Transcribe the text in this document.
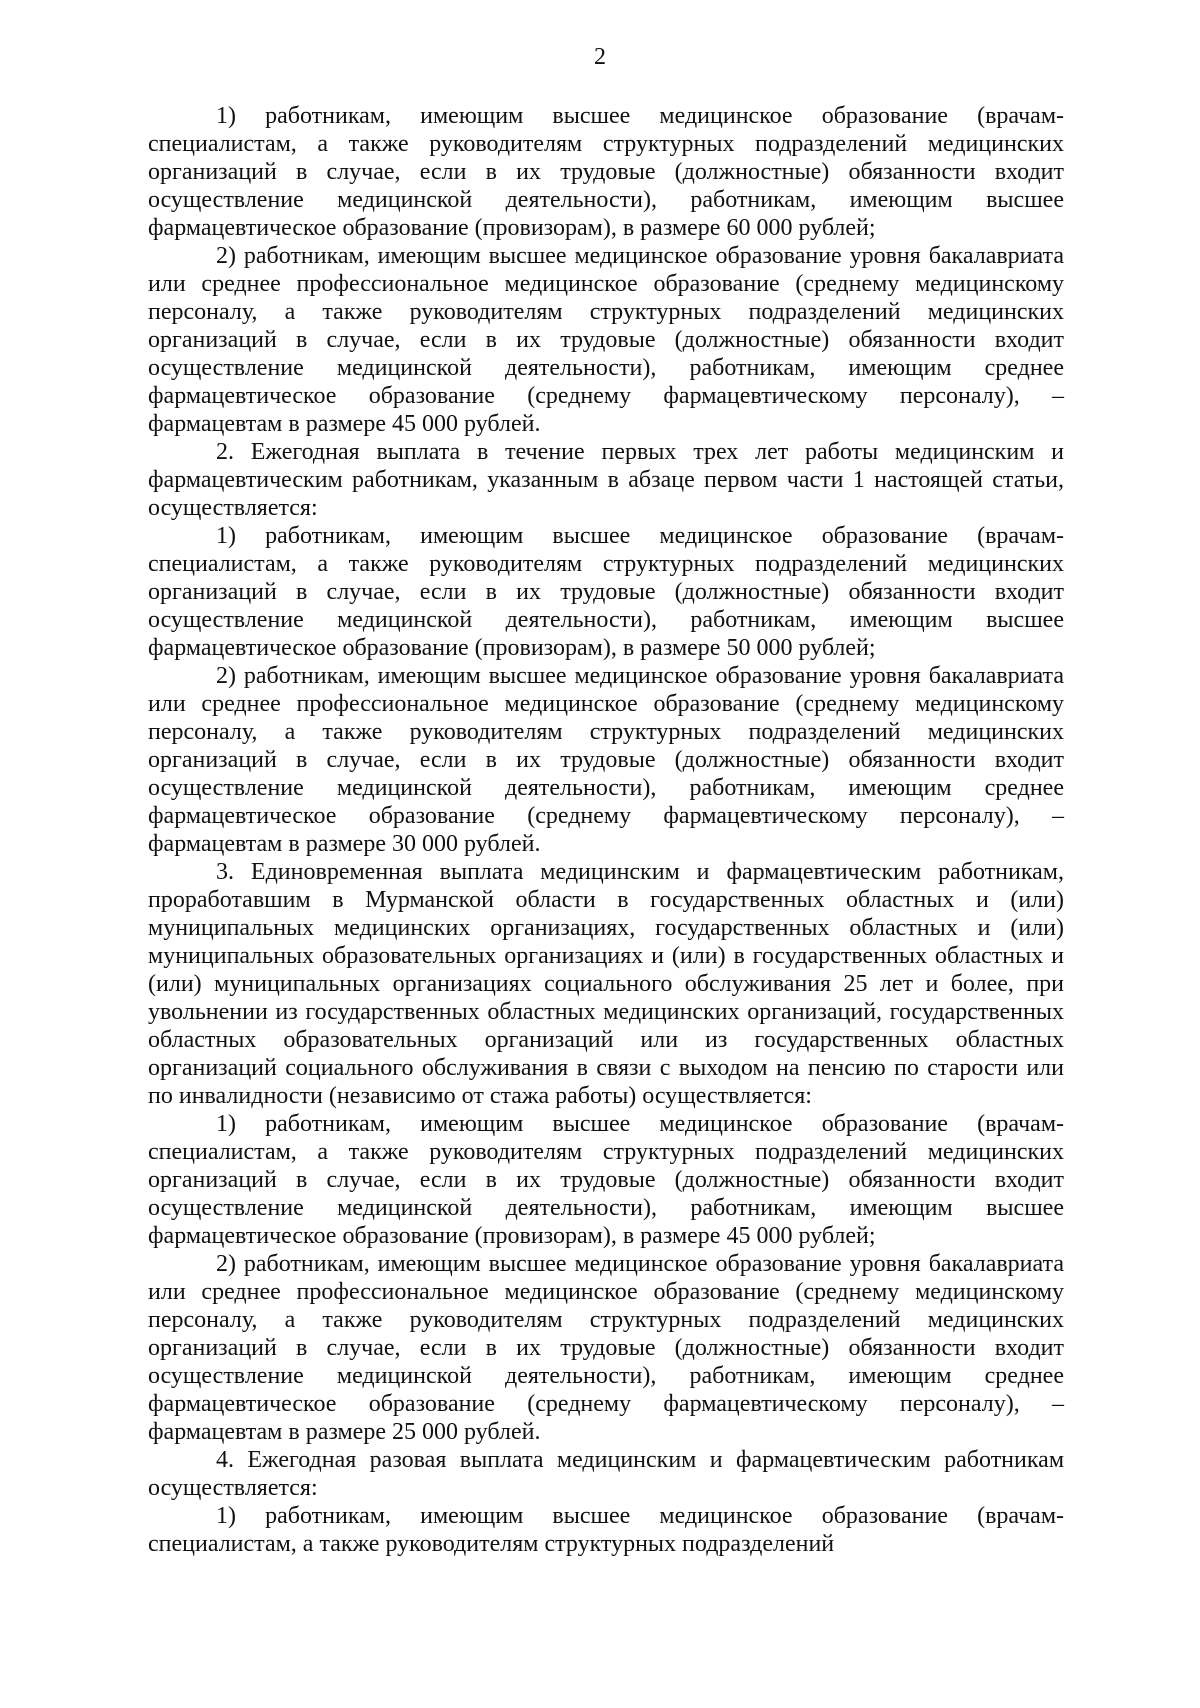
2

1) работникам, имеющим высшее медицинское образование (врачам-специалистам, а также руководителям структурных подразделений медицинских организаций в случае, если в их трудовые (должностные) обязанности входит осуществление медицинской деятельности), работникам, имеющим высшее фармацевтическое образование (провизорам), в размере 60 000 рублей;

2) работникам, имеющим высшее медицинское образование уровня бакалавриата или среднее профессиональное медицинское образование (среднему медицинскому персоналу, а также руководителям структурных подразделений медицинских организаций в случае, если в их трудовые (должностные) обязанности входит осуществление медицинской деятельности), работникам, имеющим среднее фармацевтическое образование (среднему фармацевтическому персоналу), – фармацевтам в размере 45 000 рублей.

2. Ежегодная выплата в течение первых трех лет работы медицинским и фармацевтическим работникам, указанным в абзаце первом части 1 настоящей статьи, осуществляется:

1) работникам, имеющим высшее медицинское образование (врачам-специалистам, а также руководителям структурных подразделений медицинских организаций в случае, если в их трудовые (должностные) обязанности входит осуществление медицинской деятельности), работникам, имеющим высшее фармацевтическое образование (провизорам), в размере 50 000 рублей;

2) работникам, имеющим высшее медицинское образование уровня бакалавриата или среднее профессиональное медицинское образование (среднему медицинскому персоналу, а также руководителям структурных подразделений медицинских организаций в случае, если в их трудовые (должностные) обязанности входит осуществление медицинской деятельности), работникам, имеющим среднее фармацевтическое образование (среднему фармацевтическому персоналу), – фармацевтам в размере 30 000 рублей.

3. Единовременная выплата медицинским и фармацевтическим работникам, проработавшим в Мурманской области в государственных областных и (или) муниципальных медицинских организациях, государственных областных и (или) муниципальных образовательных организациях и (или) в государственных областных и (или) муниципальных организациях социального обслуживания 25 лет и более, при увольнении из государственных областных медицинских организаций, государственных областных образовательных организаций или из государственных областных организаций социального обслуживания в связи с выходом на пенсию по старости или по инвалидности (независимо от стажа работы) осуществляется:

1) работникам, имеющим высшее медицинское образование (врачам-специалистам, а также руководителям структурных подразделений медицинских организаций в случае, если в их трудовые (должностные) обязанности входит осуществление медицинской деятельности), работникам, имеющим высшее фармацевтическое образование (провизорам), в размере 45 000 рублей;

2) работникам, имеющим высшее медицинское образование уровня бакалавриата или среднее профессиональное медицинское образование (среднему медицинскому персоналу, а также руководителям структурных подразделений медицинских организаций в случае, если в их трудовые (должностные) обязанности входит осуществление медицинской деятельности), работникам, имеющим среднее фармацевтическое образование (среднему фармацевтическому персоналу), – фармацевтам в размере 25 000 рублей.

4. Ежегодная разовая выплата медицинским и фармацевтическим работникам осуществляется:

1) работникам, имеющим высшее медицинское образование (врачам-специалистам, а также руководителям структурных подразделений
